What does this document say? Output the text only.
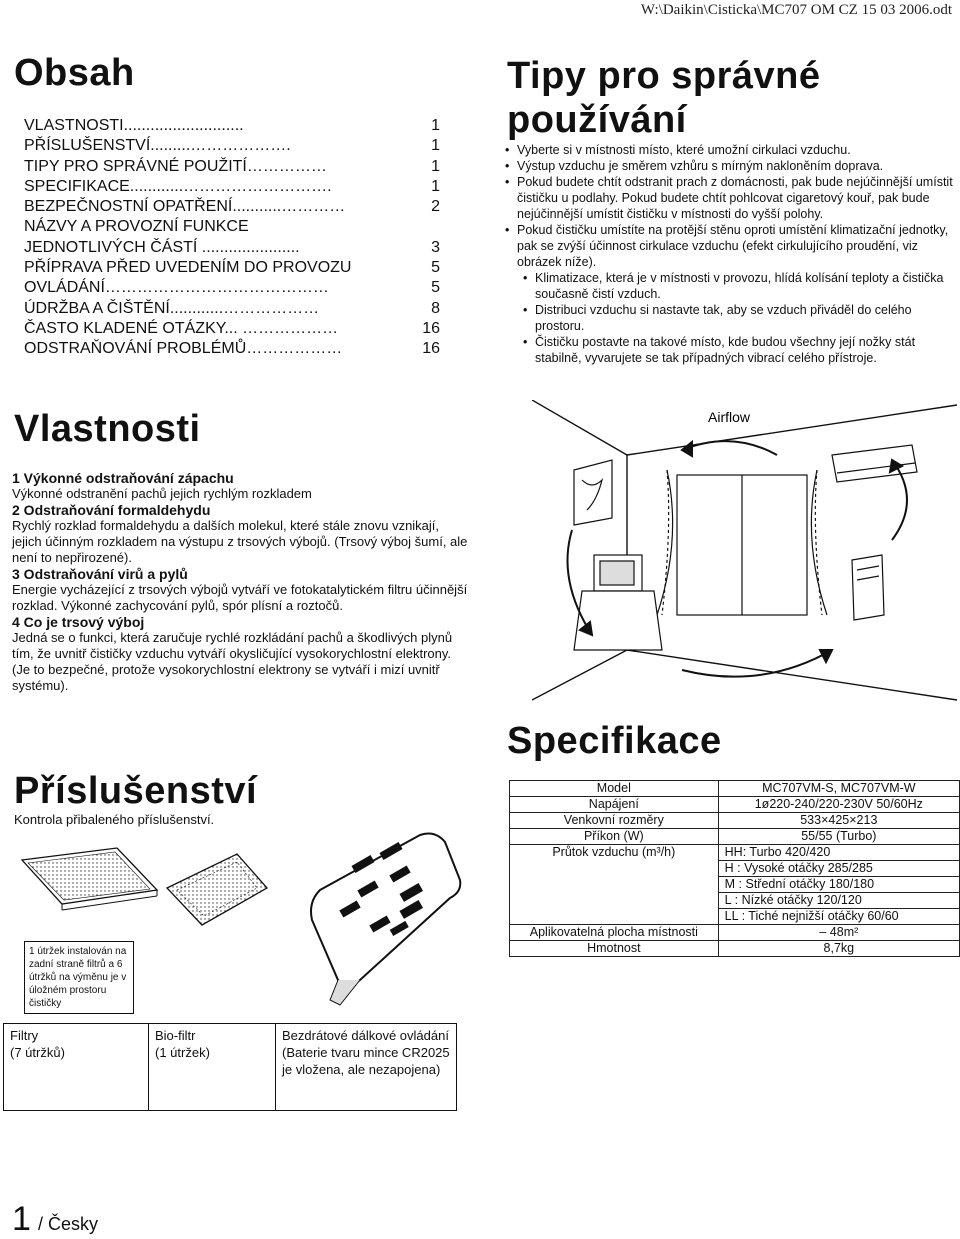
W:\Daikin\Cisticka\MC707 OM CZ 15 03 2006.odt
Obsah
VLASTNOSTI...........................	1
PŘÍSLUŠENSTVÍ.........……………….	1
TIPY PRO SPRÁVNÉ POUŽITÍ……………	1
SPECIFIKACE............……………………….	1
BEZPEČNOSTNÍ OPATŘENÍ...........…………	2
NÁZVY A PROVOZNÍ FUNKCE
JEDNOTLIVÝCH ČÁSTÍ ......................	3
PŘÍPRAVA PŘED UVEDENÍM DO PROVOZU	5
OVLÁDÁNÍ……………………………………	5
ÚDRŽBA A ČIŠTĚNÍ............………………	8
ČASTO KLADENÉ OTÁZKY... ………………	16
ODSTRAŇOVÁNÍ PROBLÉMŮ………………	16
Vlastnosti
1 Výkonné odstraňování zápachu
Výkonné odstranění pachů jejich rychlým rozkladem
2 Odstraňování formaldehydu
Rychlý rozklad formaldehydu a dalších molekul, které stále znovu vznikají, jejich účinným rozkladem na výstupu z trsových výbojů. (Trsový výboj šumí, ale není to nepřirozené).
3 Odstraňování virů a pylů
Energie vycházející z trsových výbojů vytváří ve fotokatalytickém filtru účinnější rozklad. Výkonné zachycování pylů, spór plísní a roztočů.
4 Co je trsový výboj
Jedná se o funkci, která zaručuje rychlé rozkládání pachů a škodlivých plynů tím, že uvnitř čističky vzduchu vytváří okysličující vysokorychlostní elektrony. (Je to bezpečné, protože vysokorychlostní elektrony se vytváří i mizí uvnitř systému).
Příslušenství
Kontrola přibaleného příslušenství.
1 útržek instalován na zadní straně filtrů a 6 útržků na výměnu je v úložném prostoru čističky
Filtry
(7 útržků)

Bio-filtr
(1 útržek)

Bezdrátové dálkové ovládání
(Baterie tvaru mince CR2025 je vložena, ale nezapojena)
Tipy pro správné
používání
• Vyberte si v místnosti místo, které umožní cirkulaci vzduchu.
• Výstup vzduchu je směrem vzhůru s mírným nakloněním doprava.
• Pokud budete chtít odstranit prach z domácnosti, pak bude nejúčinnější umístit čističku u podlahy. Pokud budete chtít pohlcovat cigaretový kouř, pak bude nejúčinnější umístit čističku v místnosti do vyšší polohy.
• Pokud čističku umístíte na protější stěnu oproti umístění klimatizační jednotky, pak se zvýší účinnost cirkulace vzduchu (efekt cirkulujícího proudění, viz obrázek níže).
• Klimatizace, která je v místnosti v provozu, hlídá kolísání teploty a čistička současně čistí vzduch.
• Distribuci vzduchu si nastavte tak, aby se vzduch přiváděl do celého prostoru.
• Čističku postavte na takové místo, kde budou všechny její nožky stát stabilně, vyvarujete se tak případných vibrací celého přístroje.
Airflow
Specifikace
Model	MC707VM-S, MC707VM-W
Napájení	1ø220-240/220-230V 50/60Hz
Venkovní rozměry	533×425×213
Příkon (W)	55/55 (Turbo)
Průtok vzduchu (m³/h)	HH: Turbo 420/420
	H : Vysoké otáčky 285/285
	M : Střední otáčky 180/180
	L : Nízké otáčky 120/120
	LL : Tiché nejnižší otáčky 60/60
Aplikovatelná plocha místnosti	– 48m²
Hmotnost	8,7kg
1 / Česky
